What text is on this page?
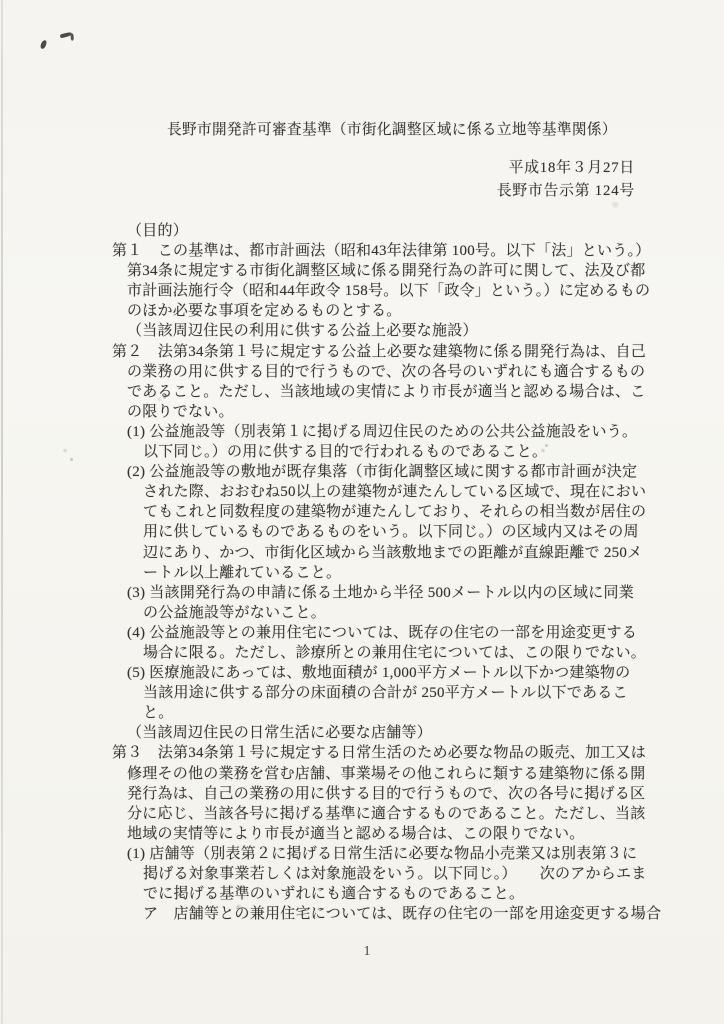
長野市開発許可審査基準（市街化調整区域に係る立地等基準関係）
平成18年３月27日
長野市告示第 124号
（目的）
第１　この基準は、都市計画法（昭和43年法律第 100号。以下「法」という。）
第34条に規定する市街化調整区域に係る開発行為の許可に関して、法及び都
市計画法施行令（昭和44年政令 158号。以下「政令」という。）に定めるもの
のほか必要な事項を定めるものとする。
（当該周辺住民の利用に供する公益上必要な施設）
第２　法第34条第１号に規定する公益上必要な建築物に係る開発行為は、自己
の業務の用に供する目的で行うもので、次の各号のいずれにも適合するもの
であること。ただし、当該地域の実情により市長が適当と認める場合は、こ
の限りでない。
(1) 公益施設等（別表第１に掲げる周辺住民のための公共公益施設をいう。
以下同じ。）の用に供する目的で行われるものであること。
(2) 公益施設等の敷地が既存集落（市街化調整区域に関する都市計画が決定
された際、おおむね50以上の建築物が連たんしている区域で、現在におい
てもこれと同数程度の建築物が連たんしており、それらの相当数が居住の
用に供しているものであるものをいう。以下同じ。）の区域内又はその周
辺にあり、かつ、市街化区域から当該敷地までの距離が直線距離で 250メ
ートル以上離れていること。
(3) 当該開発行為の申請に係る土地から半径 500メートル以内の区域に同業
の公益施設等がないこと。
(4) 公益施設等との兼用住宅については、既存の住宅の一部を用途変更する
場合に限る。ただし、診療所との兼用住宅については、この限りでない。
(5) 医療施設にあっては、敷地面積が 1,000平方メートル以下かつ建築物の
当該用途に供する部分の床面積の合計が 250平方メートル以下であるこ
と。
（当該周辺住民の日常生活に必要な店舗等）
第３　法第34条第１号に規定する日常生活のため必要な物品の販売、加工又は
修理その他の業務を営む店舗、事業場その他これらに類する建築物に係る開
発行為は、自己の業務の用に供する目的で行うもので、次の各号に掲げる区
分に応じ、当該各号に掲げる基準に適合するものであること。ただし、当該
地域の実情等により市長が適当と認める場合は、この限りでない。
(1) 店舗等（別表第２に掲げる日常生活に必要な物品小売業又は別表第３に
掲げる対象事業若しくは対象施設をいう。以下同じ。）　　次のアからエま
でに掲げる基準のいずれにも適合するものであること。
ア　店舗等との兼用住宅については、既存の住宅の一部を用途変更する場合
1
